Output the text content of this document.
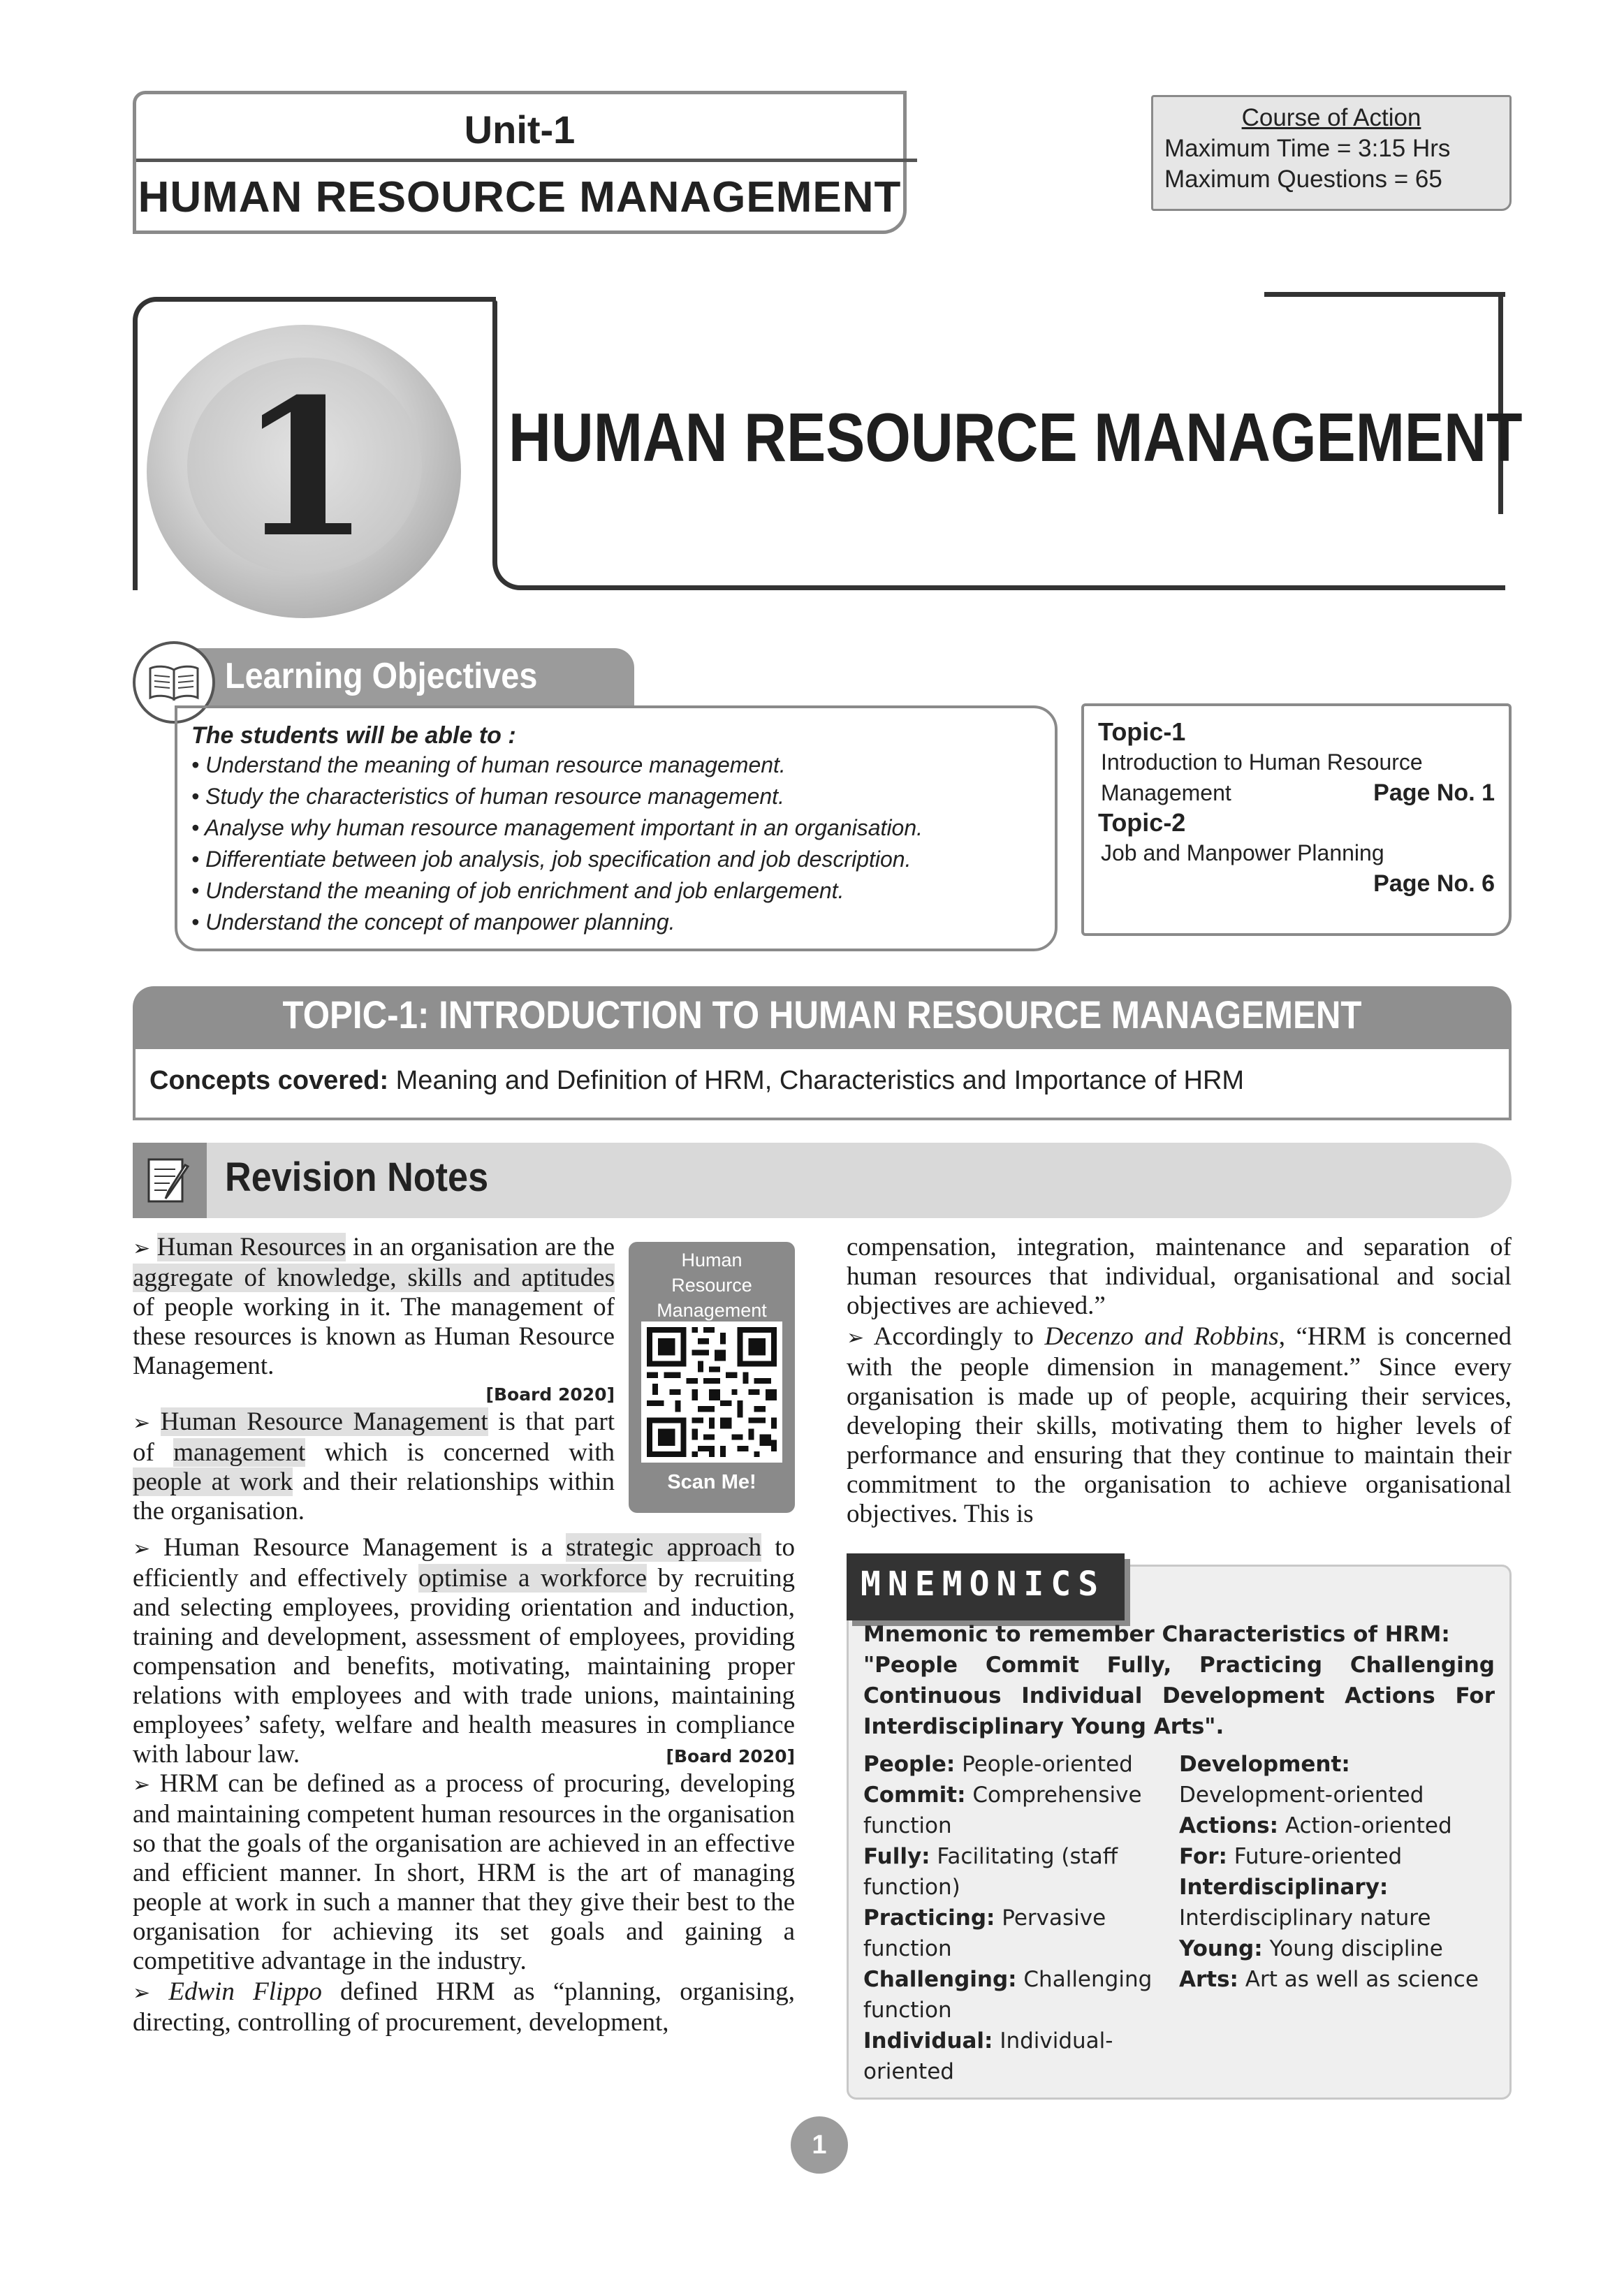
Unit-1
HUMAN RESOURCE MANAGEMENT
Course of Action
Maximum Time = 3:15 Hrs
Maximum Questions = 65
1	HUMAN RESOURCE MANAGEMENT
Learning Objectives
The students will be able to :
• Understand the meaning of human resource management.
• Study the characteristics of human resource management.
• Analyse why human resource management important in an organisation.
• Differentiate between job analysis, job specification and job description.
• Understand the meaning of job enrichment and job enlargement.
• Understand the concept of manpower planning.
Topic-1
Introduction to Human Resource
Management	Page No. 1
Topic-2
Job and Manpower Planning
Page No. 6
TOPIC-1: INTRODUCTION TO HUMAN RESOURCE MANAGEMENT
Concepts covered: Meaning and Definition of HRM, Characteristics and Importance of HRM
Revision Notes
➢ Human Resources in an organisation are the aggregate of knowledge, skills and aptitudes of people working in it. The management of these resources is known as Human Resource Management.
[Board 2020]
➢ Human Resource Management is that part of management which is concerned with people at work and their relationships within the organisation.
Human
Resource
Management
Scan Me!
➢ Human Resource Management is a strategic approach to efficiently and effectively optimise a workforce by recruiting and selecting employees, providing orientation and induction, training and development, assessment of employees, providing compensation and benefits, motivating, maintaining proper relations with employees and with trade unions, maintaining employees’ safety, welfare and health measures in compliance with labour law.	[Board 2020]
➢ HRM can be defined as a process of procuring, developing and maintaining competent human resources in the organisation so that the goals of the organisation are achieved in an effective and efficient manner. In short, HRM is the art of managing people at work in such a manner that they give their best to the organisation for achieving its set goals and gaining a competitive advantage in the industry.
➢ Edwin Flippo defined HRM as “planning, organising, directing, controlling of procurement, development,
compensation, integration, maintenance and separation of human resources that individual, organisational and social objectives are achieved.”
➢ Accordingly to Decenzo and Robbins, “HRM is concerned with the people dimension in management.” Since every organisation is made up of people, acquiring their services, developing their skills, motivating them to higher levels of performance and ensuring that they continue to maintain their commitment to the organisation to achieve organisational objectives. This is
MNEMONICS
Mnemonic to remember Characteristics of HRM:
"People Commit Fully, Practicing Challenging Continuous Individual Development Actions For Interdisciplinary Young Arts".
People: People-oriented
Commit: Comprehensive function
Fully: Facilitating (staff function)
Practicing: Pervasive function
Challenging: Challenging function
Individual: Individual-oriented
Development: Development-oriented
Actions: Action-oriented
For: Future-oriented
Interdisciplinary: Interdisciplinary nature
Young: Young discipline
Arts: Art as well as science
1
